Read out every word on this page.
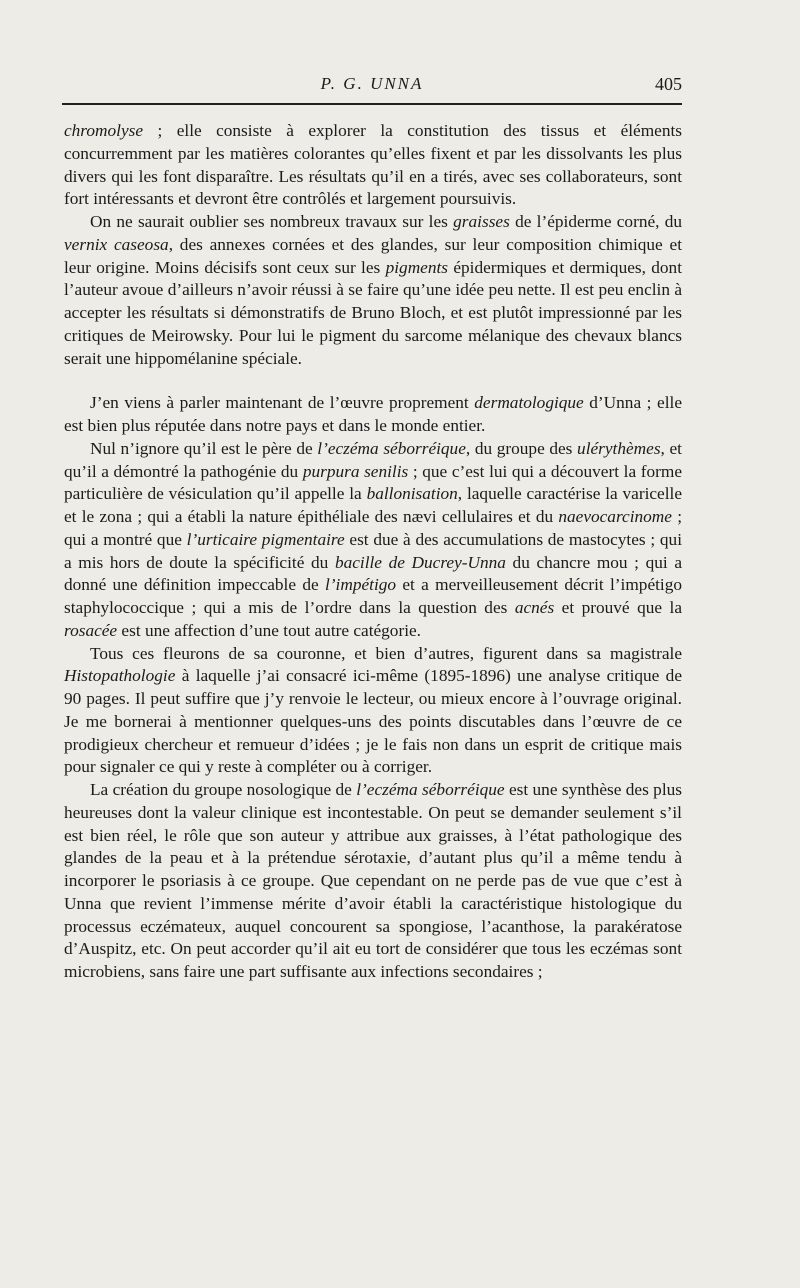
P. G. UNNA	405

chromolyse ; elle consiste à explorer la constitution des tissus et éléments concurremment par les matières colorantes qu’elles fixent et par les dissolvants les plus divers qui les font disparaître. Les résultats qu’il en a tirés, avec ses collaborateurs, sont fort intéressants et devront être contrôlés et largement poursuivis.

On ne saurait oublier ses nombreux travaux sur les graisses de l’épiderme corné, du vernix caseosa, des annexes cornées et des glandes, sur leur composition chimique et leur origine. Moins décisifs sont ceux sur les pigments épidermiques et dermiques, dont l’auteur avoue d’ailleurs n’avoir réussi à se faire qu’une idée peu nette. Il est peu enclin à accepter les résultats si démonstratifs de Bruno Bloch, et est plutôt impressionné par les critiques de Meirowsky. Pour lui le pigment du sarcome mélanique des chevaux blancs serait une hippomélanine spéciale.

J’en viens à parler maintenant de l’œuvre proprement dermatologique d’Unna ; elle est bien plus réputée dans notre pays et dans le monde entier.

Nul n’ignore qu’il est le père de l’eczéma séborréique, du groupe des ulérythèmes, et qu’il a démontré la pathogénie du purpura senilis ; que c’est lui qui a découvert la forme particulière de vésiculation qu’il appelle la ballonisation, laquelle caractérise la varicelle et le zona ; qui a établi la nature épithéliale des nævi cellulaires et du naevocarcinome ; qui a montré que l’urticaire pigmentaire est due à des accumulations de mastocytes ; qui a mis hors de doute la spécificité du bacille de Ducrey-Unna du chancre mou ; qui a donné une définition impeccable de l’impétigo et a merveilleusement décrit l’impétigo staphylococcique ; qui a mis de l’ordre dans la question des acnés et prouvé que la rosacée est une affection d’une tout autre catégorie.

Tous ces fleurons de sa couronne, et bien d’autres, figurent dans sa magistrale Histopathologie à laquelle j’ai consacré ici-même (1895-1896) une analyse critique de 90 pages. Il peut suffire que j’y renvoie le lecteur, ou mieux encore à l’ouvrage original. Je me bornerai à mentionner quelques-uns des points discutables dans l’œuvre de ce prodigieux chercheur et remueur d’idées ; je le fais non dans un esprit de critique mais pour signaler ce qui y reste à compléter ou à corriger.

La création du groupe nosologique de l’eczéma séborréique est une synthèse des plus heureuses dont la valeur clinique est incontestable. On peut se demander seulement s’il est bien réel, le rôle que son auteur y attribue aux graisses, à l’état pathologique des glandes de la peau et à la prétendue sérotaxie, d’autant plus qu’il a même tendu à incorporer le psoriasis à ce groupe. Que cependant on ne perde pas de vue que c’est à Unna que revient l’immense mérite d’avoir établi la caractéristique histologique du processus eczémateux, auquel concourent sa spongiose, l’acanthose, la parakératose d’Auspitz, etc. On peut accorder qu’il ait eu tort de considérer que tous les eczémas sont microbiens, sans faire une part suffisante aux infections secondaires ;
